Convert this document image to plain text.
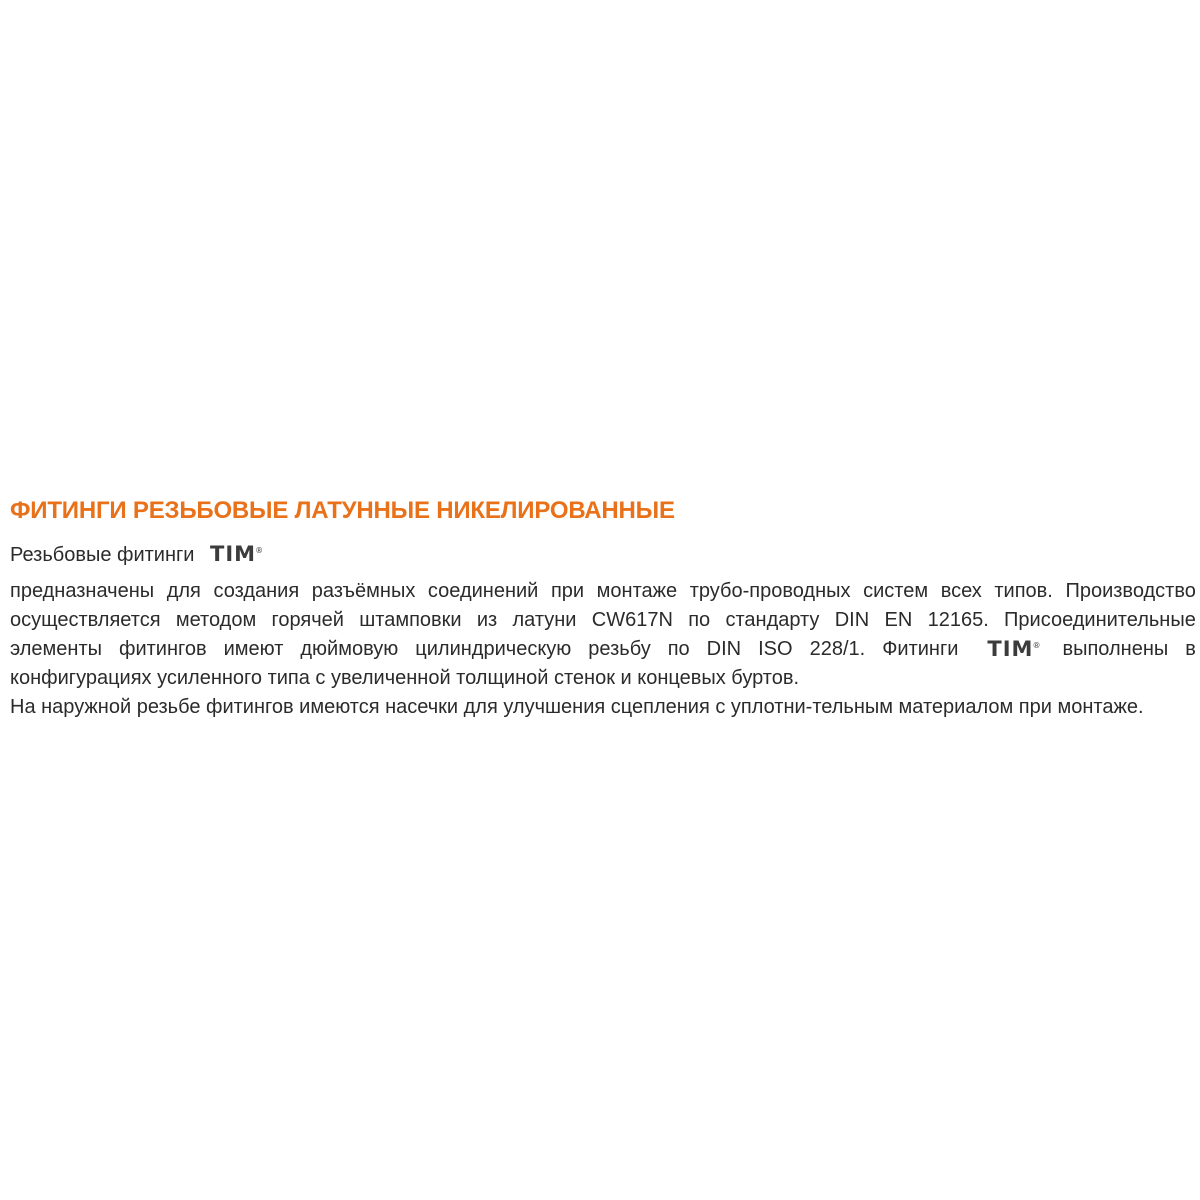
ФИТИНГИ РЕЗЬБОВЫЕ ЛАТУННЫЕ НИКЕЛИРОВАННЫЕ
Резьбовые фитинги TIM ®
предназначены для создания разъёмных соединений при монтаже трубо-проводных систем всех типов. Производство
осуществляется методом горячей штамповки из латуни CW617N по стандарту DIN EN 12165. Присоединительные
элементы фитингов имеют дюймовую цилиндрическую резьбу по DIN ISO 228/1. Фитинги TIM ® выполнены в
конфигурациях усиленного типа с увеличенной толщиной стенок и концевых буртов.
На наружной резьбе фитингов имеются насечки для улучшения сцепления с уплотни-тельным материалом при монтаже.
